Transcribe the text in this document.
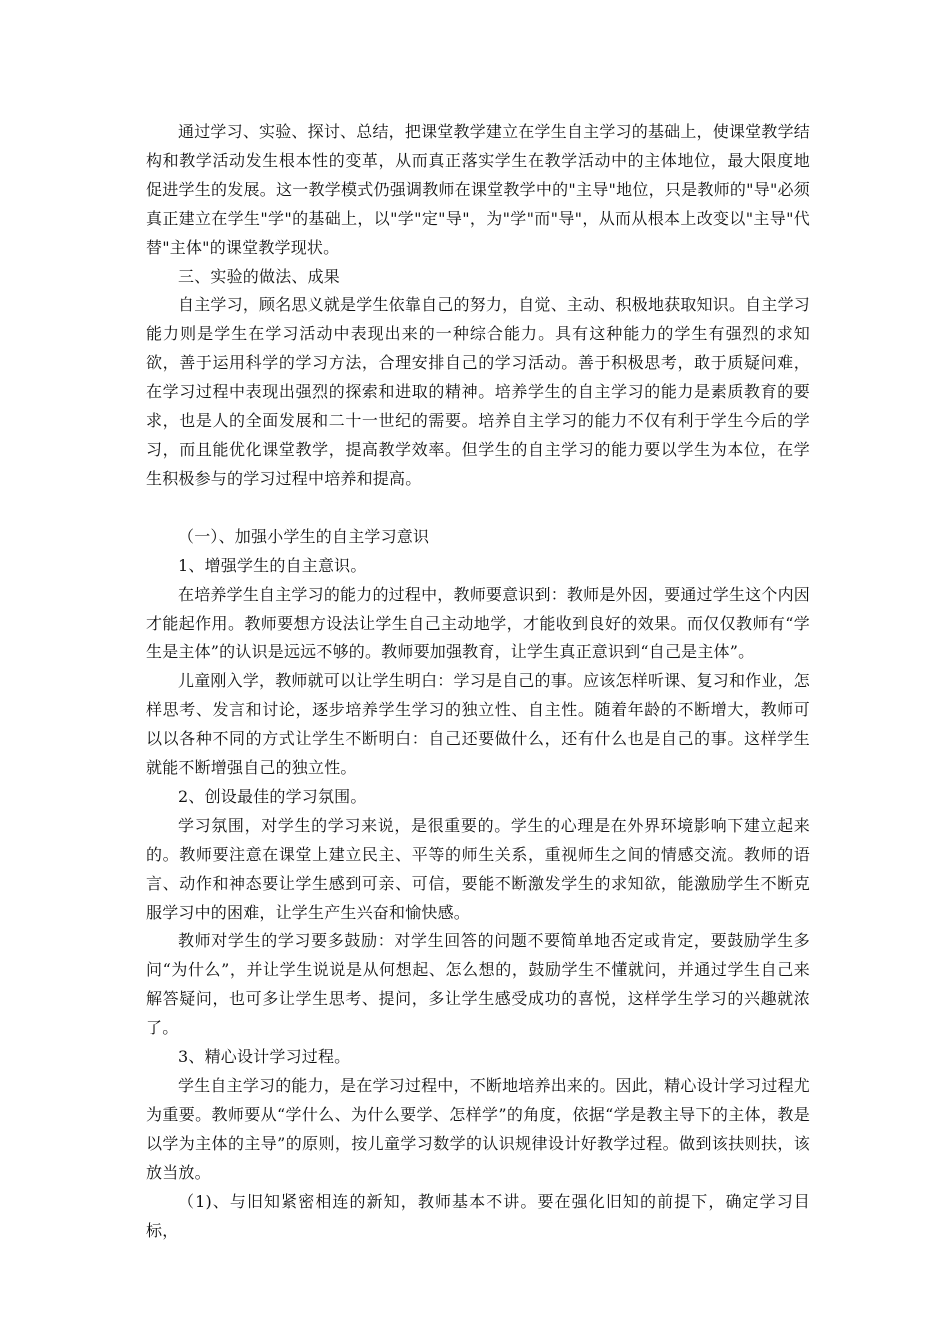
通过学习、实验、探讨、总结，把课堂教学建立在学生自主学习的基础上，使课堂教学结构和教学活动发生根本性的变革，从而真正落实学生在教学活动中的主体地位，最大限度地促进学生的发展。这一教学模式仍强调教师在课堂教学中的"主导"地位，只是教师的"导"必须真正建立在学生"学"的基础上，以"学"定"导"，为"学"而"导"，从而从根本上改变以"主导"代替"主体"的课堂教学现状。

三、实验的做法、成果

自主学习，顾名思义就是学生依靠自己的努力，自觉、主动、积极地获取知识。自主学习能力则是学生在学习活动中表现出来的一种综合能力。具有这种能力的学生有强烈的求知欲，善于运用科学的学习方法，合理安排自己的学习活动。善于积极思考，敢于质疑问难，在学习过程中表现出强烈的探索和进取的精神。培养学生的自主学习的能力是素质教育的要求，也是人的全面发展和二十一世纪的需要。培养自主学习的能力不仅有利于学生今后的学习，而且能优化课堂教学，提高教学效率。但学生的自主学习的能力要以学生为本位，在学生积极参与的学习过程中培养和提高。

（一）、加强小学生的自主学习意识

1、增强学生的自主意识。

在培养学生自主学习的能力的过程中，教师要意识到：教师是外因，要通过学生这个内因才能起作用。教师要想方设法让学生自己主动地学，才能收到良好的效果。而仅仅教师有“学生是主体”的认识是远远不够的。教师要加强教育，让学生真正意识到“自己是主体”。

儿童刚入学，教师就可以让学生明白：学习是自己的事。应该怎样听课、复习和作业，怎样思考、发言和讨论，逐步培养学生学习的独立性、自主性。随着年龄的不断增大，教师可以以各种不同的方式让学生不断明白：自己还要做什么，还有什么也是自己的事。这样学生就能不断增强自己的独立性。

2、创设最佳的学习氛围。

学习氛围，对学生的学习来说，是很重要的。学生的心理是在外界环境影响下建立起来的。教师要注意在课堂上建立民主、平等的师生关系，重视师生之间的情感交流。教师的语言、动作和神态要让学生感到可亲、可信，要能不断激发学生的求知欲，能激励学生不断克服学习中的困难，让学生产生兴奋和愉快感。

教师对学生的学习要多鼓励：对学生回答的问题不要简单地否定或肯定，要鼓励学生多问“为什么”，并让学生说说是从何想起、怎么想的，鼓励学生不懂就问，并通过学生自己来解答疑问，也可多让学生思考、提问，多让学生感受成功的喜悦，这样学生学习的兴趣就浓了。

3、精心设计学习过程。

学生自主学习的能力，是在学习过程中，不断地培养出来的。因此，精心设计学习过程尤为重要。教师要从“学什么、为什么要学、怎样学”的角度，依据“学是教主导下的主体，教是以学为主体的主导”的原则，按儿童学习数学的认识规律设计好教学过程。做到该扶则扶，该放当放。

（1)、与旧知紧密相连的新知，教师基本不讲。要在强化旧知的前提下，确定学习目标，
